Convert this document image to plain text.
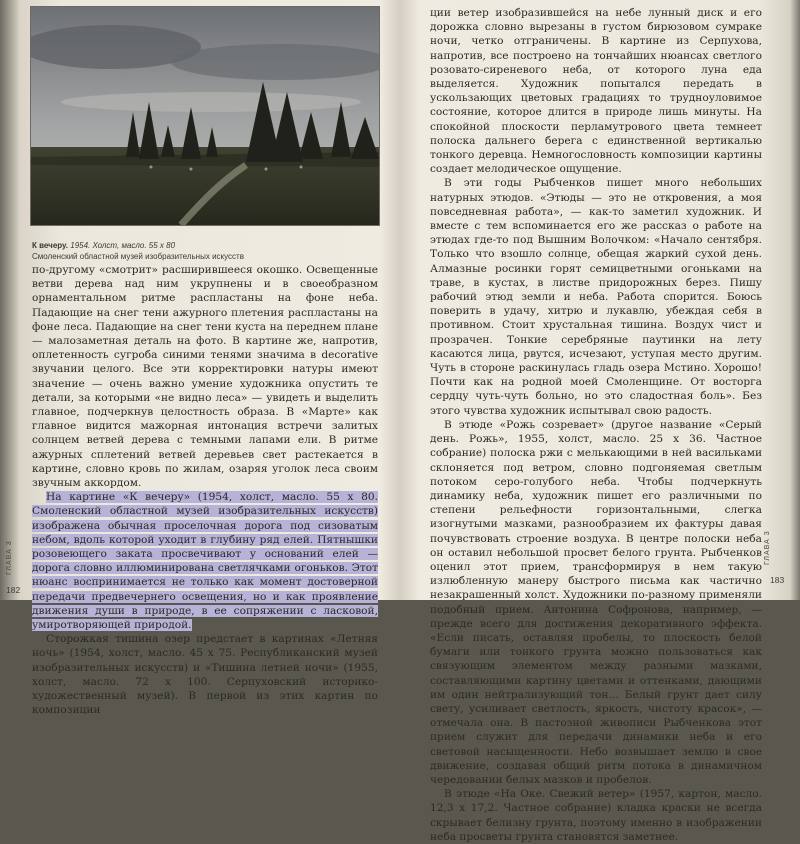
К вечеру. 1954. Холст, масло. 55 х 80
Смоленский областной музей изобразительных искусств

по-другому «смотрит» расширившееся окошко. Освещенные ветви дерева над ним укрупнены и в своеобразном орнаментальном ритме распластаны на фоне неба. Падающие на снег тени ажурного плетения распластаны на фоне леса. Падающие на снег тени куста на переднем плане — малозаметная деталь на фото. В картине же, напротив, оплетенность сугроба синими тенями значима в decorative звучании целого. Все эти корректировки натуры имеют значение — очень важно умение художника опустить те детали, за которыми «не видно леса» — увидеть и выделить главное, подчеркнув целостность образа. В «Марте» как главное видится мажорная интонация встречи залитых солнцем ветвей дерева с темными лапами ели. В ритме ажурных сплетений ветвей деревьев свет растекается в картине, словно кровь по жилам, озаряя уголок леса своим звучным аккордом.

На картине «К вечеру» (1954, холст, масло. 55 х 80. Смоленский областной музей изобразительных искусств) изображена обычная проселочная дорога под сизоватым небом, вдоль которой уходит в глубину ряд елей. Пятнышки розовеющего заката просвечивают у оснований елей — дорога словно иллюминирована светлячками огоньков. Этот нюанс воспринимается не только как момент достоверной передачи предвечернего освещения, но и как проявление движения души в природе, в ее сопряжении с ласковой, умиротворяющей природой.

Сторожкая тишина озер предстает в картинах «Летняя ночь» (1954, холст, масло. 45 х 75. Республиканский музей изобразительных искусств) и «Тишина летней ночи» (1955, холст, масло. 72 х 100. Серпуховский историко-художественный музей). В первой из этих картин по композиции

ции ветер изобразившейся на небе лунный диск и его дорожка словно вырезаны в густом бирюзовом сумраке ночи, четко отграничены. В картине из Серпухова, напротив, все построено на тончайших нюансах светлого розовато-сиреневого неба, от которого луна еда выделяется. Художник попытался передать в ускользающих цветовых градациях то трудноуловимое состояние, которое длится в природе лишь минуты. На спокойной плоскости перламутрового цвета темнеет полоска дальнего берега с единственной вертикалью тонкого деревца. Немногословность композиции картины создает мелодическое ощущение.

В эти годы Рыбченков пишет много небольших натурных этюдов. «Этюды — это не откровения, а моя повседневная работа», — как-то заметил художник. И вместе с тем вспоминается его же рассказ о работе на этюдах где-то под Вышним Волочком: «Начало сентября. Только что взошло солнце, обещая жаркий сухой день. Алмазные росинки горят семицветными огоньками на траве, в кустах, в листве придорожных берез. Пишу рабочий этюд земли и неба. Работа спорится. Боюсь поверить в удачу, хитрю и лукавлю, убеждая себя в противном. Стоит хрустальная тишина. Воздух чист и прозрачен. Тонкие серебряные паутинки на лету касаются лица, рвутся, исчезают, уступая место другим. Чуть в стороне раскинулась гладь озера Мстино. Хорошо! Почти как на родной моей Смоленщине. От восторга сердцу чуть-чуть больно, но это сладостная боль». Без этого чувства художник испытывал свою радость.

В этюде «Рожь созревает» (другое название «Серый день. Рожь», 1955, холст, масло. 25 х 36. Частное собрание) полоска ржи с мелькающими в ней васильками склоняется под ветром, словно подгоняемая светлым потоком серо-голубого неба. Чтобы подчеркнуть динамику неба, художник пишет его различными по степени рельефности горизонтальными, слегка изогнутыми мазками, разнообразием их фактуры давая почувствовать строение воздуха. В центре полоски неба он оставил небольшой просвет белого грунта. Рыбченков оценил этот прием, трансформируя в нем такую излюбленную манеру быстрого письма как частично незакрашенный холст. Художники по-разному применяли подобный прием. Антонина Софронова, например, — прежде всего для достижения декоративного эффекта. «Если писать, оставляя пробелы, то плоскость белой бумаги или тонкого грунта можно пользоваться как связующим элементом между разными мазками, составляющими картину цветами и оттенками, дающими им один нейтрализующий тон... Белый грунт дает силу свету, усиливает светлость, яркость, чистоту красок», — отмечала она. В пастозной живописи Рыбченкова этот прием служит для передачи динамики неба и его световой насыщенности. Небо возвышает землю в свое движение, создавая общий ритм потока в динамичном чередовании белых мазков и пробелов.

В этюде «На Оке. Свежий ветер» (1957, картон, масло. 12,3 х 17,2. Частное собрание) кладка краски не всегда скрывает белизну грунта, поэтому именно в изображении неба просветы грунта становятся заметнее.

182
183
ГЛАВА 3	ГЛАВА 3
